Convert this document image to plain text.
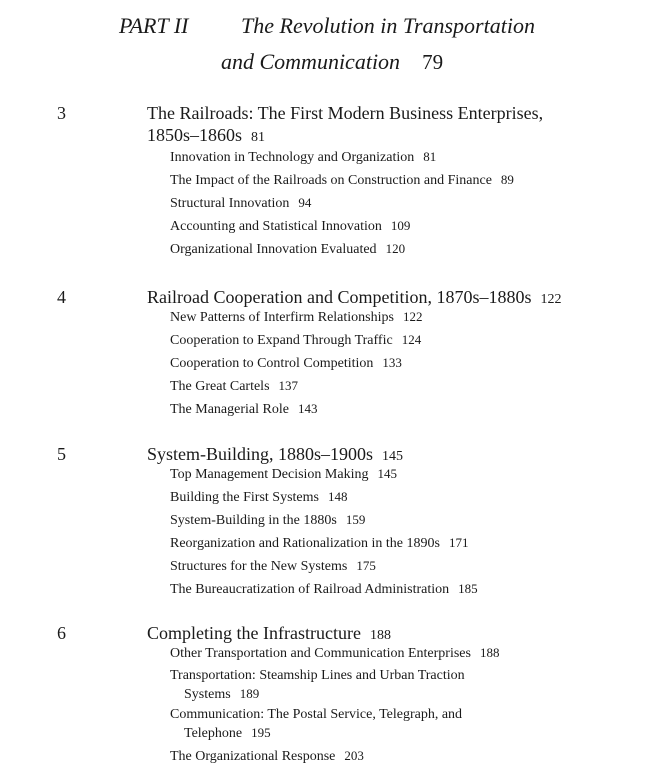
PART II The Revolution in Transportation
and Communication 79
3	The Railroads: The First Modern Business Enterprises,
1850s–1860s 81
Innovation in Technology and Organization 81
The Impact of the Railroads on Construction and Finance 89
Structural Innovation 94
Accounting and Statistical Innovation 109
Organizational Innovation Evaluated 120
4	Railroad Cooperation and Competition, 1870s–1880s 122
New Patterns of Interfirm Relationships 122
Cooperation to Expand Through Traffic 124
Cooperation to Control Competition 133
The Great Cartels 137
The Managerial Role 143
5	System-Building, 1880s–1900s 145
Top Management Decision Making 145
Building the First Systems 148
System-Building in the 1880s 159
Reorganization and Rationalization in the 1890s 171
Structures for the New Systems 175
The Bureaucratization of Railroad Administration 185
6	Completing the Infrastructure 188
Other Transportation and Communication Enterprises 188
Transportation: Steamship Lines and Urban Traction
Systems 189
Communication: The Postal Service, Telegraph, and
Telephone 195
The Organizational Response 203
